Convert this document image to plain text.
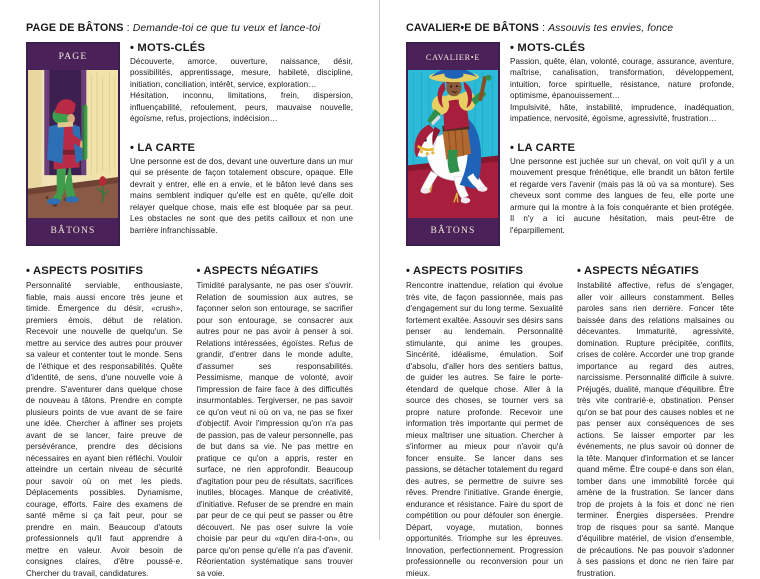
PAGE DE BÂTONS : Demande-toi ce que tu veux et lance-toi
PAGE
BÂTONS
• MOTS-CLÉS

Découverte, amorce, ouverture, naissance, désir, possibilités, apprentissage, mesure, habileté, discipline, initiation, conciliation, intérêt, service, exploration…

Hésitation, inconnu, limitations, frein, dispersion, influençabilité, refoulement, peurs, mauvaise nouvelle, égoïsme, refus, projections, indécision…

• LA CARTE

Une personne est de dos, devant une ouverture dans un mur qui se présente de façon totalement obscure, opaque. Elle devrait y entrer, elle en a envie, et le bâton levé dans ses mains semblent indiquer qu'elle est en quête, qu'elle doit relayer quelque chose, mais elle est bloquée par sa peur. Les obstacles ne sont que des petits cailloux et non une barrière infranchissable.

• ASPECTS POSITIFS

Personnalité serviable, enthousiaste, fiable, mais aussi encore très jeune et timide. Émergence du désir, «crush», premiers émois, début de relation. Recevoir une nouvelle de quelqu'un. Se mettre au service des autres pour prouver sa valeur et contenter tout le monde. Sens de l'éthique et des responsabilités. Quête d'identité, de sens, d'une nouvelle voie à prendre. S'aventurer dans quelque chose de nouveau à tâtons. Prendre en compte plusieurs points de vue avant de se faire une idée. Chercher à affiner ses projets avant de se lancer, faire preuve de persévérance, prendre des décisions nécessaires en ayant bien réfléchi. Vouloir atteindre un certain niveau de sécurité pour savoir où on met les pieds. Déplacements possibles. Dynamisme, courage, efforts. Faire des examens de santé même si ça fait peur, pour se prendre en main. Beaucoup d'atouts professionnels qu'il faut apprendre à mettre en valeur. Avoir besoin de consignes claires, d'être poussé·e. Chercher du travail, candidatures.

• ASPECTS NÉGATIFS

Timidité paralysante, ne pas oser s'ouvrir. Relation de soumission aux autres, se façonner selon son entourage, se sacrifier pour son entourage, se consacrer aux autres pour ne pas avoir à penser à soi. Relations intéressées, égoïstes. Refus de grandir, d'entrer dans le monde adulte, d'assumer ses responsabilités. Pessimisme, manque de volonté, avoir l'impression de faire face à des difficultés insurmontables. Tergiverser, ne pas savoir ce qu'on veut ni où on va, ne pas se fixer d'objectif. Avoir l'impression qu'on n'a pas de passion, pas de valeur personnelle, pas de but dans sa vie. Ne pas mettre en pratique ce qu'on a appris, rester en surface, ne rien approfondir. Beaucoup d'agitation pour peu de résultats, sacrifices inutiles, blocages. Manque de créativité, d'initiative. Refuser de se prendre en main par peur de ce qui peut se passer ou être découvert. Ne pas oser suivre la voie choisie par peur du «qu'en dira-t-on», ou parce qu'on pense qu'elle n'a pas d'avenir. Réorientation systématique sans trouver sa voie.

CAVALIER•E DE BÂTONS : Assouvis tes envies, fonce
CAVALIER•E
BÂTONS
• MOTS-CLÉS

Passion, quête, élan, volonté, courage, assurance, aventure, maîtrise, canalisation, transformation, développement, intuition, force spirituelle, résistance, nature profonde, optimisme, épanouissement…

Impulsivité, hâte, instabilité, imprudence, inadéquation, impatience, nervosité, égoïsme, agressivité, frustration…

• LA CARTE

Une personne est juchée sur un cheval, on voit qu'il y a un mouvement presque frénétique, elle brandit un bâton fertile et regarde vers l'avenir (mais pas là où va sa monture). Ses cheveux sont comme des langues de feu, elle porte une armure qui la montre à la fois conquérante et bien protégée. Il n'y a ici aucune hésitation, mais peut-être de l'éparpillement.

• ASPECTS POSITIFS

Rencontre inattendue, relation qui évolue très vite, de façon passionnée, mais pas d'engagement sur du long terme. Sexualité fortement exaltée. Assouvir ses désirs sans penser au lendemain. Personnalité stimulante, qui anime les groupes. Sincérité, idéalisme, émulation. Soif d'absolu, d'aller hors des sentiers battus, de guider les autres. Se faire le porte-étendard de quelque chose. Aller à la source des choses, se tourner vers sa propre nature profonde. Recevoir une information très importante qui permet de mieux maîtriser une situation. Chercher à s'informer au mieux pour n'avoir qu'à foncer ensuite. Se lancer dans ses passions, se détacher totalement du regard des autres, se permettre de suivre ses rêves. Prendre l'initiative. Grande énergie, endurance et résistance. Faire du sport de compétition ou pour défouler son énergie. Départ, voyage, mutation, bonnes opportunités. Triomphe sur les épreuves. Innovation, perfectionnement. Progression professionnelle ou reconversion pour un mieux.

• ASPECTS NÉGATIFS

Instabilité affective, refus de s'engager, aller voir ailleurs constamment. Belles paroles sans rien derrière. Foncer tête baissée dans des relations malsaines ou décevantes. Immaturité, agressivité, domination. Rupture précipitée, conflits, crises de colère. Accorder une trop grande importance au regard des autres, narcissisme. Personnalité difficile à suivre. Préjugés, dualité, manque d'équilibre. Être très vite contrarié·e, obstination. Penser qu'on se bat pour des causes nobles et ne pas penser aux conséquences de ses actions. Se laisser emporter par les événements, ne plus savoir où donner de la tête. Manquer d'information et se lancer quand même. Être coupé·e dans son élan, tomber dans une immobilité forcée qui amène de la frustration. Se lancer dans trop de projets à la fois et donc ne rien terminer. Énergies dispersées. Prendre trop de risques pour sa santé. Manque d'équilibre matériel, de vision d'ensemble, de précautions. Ne pas pouvoir s'adonner à ses passions et donc ne rien faire par frustration.
